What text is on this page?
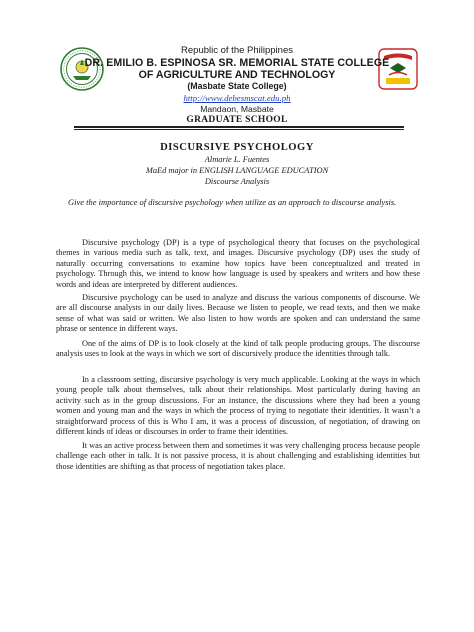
Republic of the Philippines
DR. EMILIO B. ESPINOSA SR. MEMORIAL STATE COLLEGE
OF AGRICULTURE AND TECHNOLOGY
(Masbate State College)
http://www.debesmscat.edu.ph
Mandaon, Masbate
GRADUATE SCHOOL
DISCURSIVE PSYCHOLOGY
Almarie L. Fuentes
MaEd major in ENGLISH LANGUAGE EDUCATION
Discourse Analysis
Give the importance of discursive psychology when utilize as an approach to discourse analysis.
Discursive psychology (DP) is a type of psychological theory that focuses on the psychological themes in various media such as talk, text, and images. Discursive psychology (DP) uses the study of naturally occurring conversations to examine how topics have been conceptualized and treated in psychology. Through this, we intend to know how language is used by speakers and writers and how these words and ideas are interpreted by different audiences.
Discursive psychology can be used to analyze and discuss the various components of discourse. We are all discourse analysts in our daily lives. Because we listen to people, we read texts, and then we make sense of what was said or written. We also listen to how words are spoken and can understand the same phrase or sentence in different ways.
One of the aims of DP is to look closely at the kind of talk people producing groups. The discourse analysis uses to look at the ways in which we sort of discursively produce the identities through talk.
In a classroom setting, discursive psychology is very much applicable. Looking at the ways in which young people talk about themselves, talk about their relationships. Most particularly during having an activity such as in the group discussions. For an instance, the discussions where they had been a young women and young man and the ways in which the process of trying to negotiate their identities. It wasn’t a straightforward process of this is Who I am, it was a process of discussion, of negotiation, of drawing on different kinds of ideas or discourses in order to frame their identities.
It was an active process between them and sometimes it was very challenging process because people challenge each other in talk. It is not passive process, it is about challenging and establishing identities but those identities are shifting as that process of negotiation takes place.
